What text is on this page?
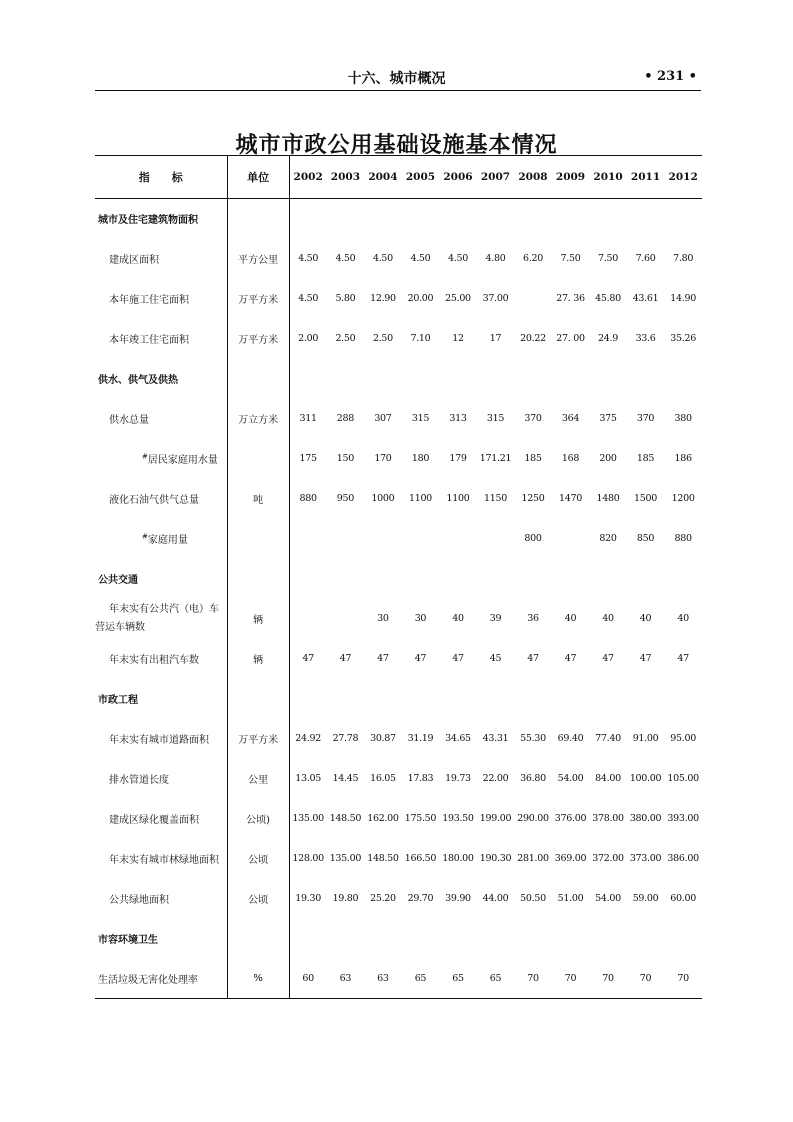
十六、城市概况	• 231 •
城市市政公用基础设施基本情况
指　　标	单位	2002	2003	2004	2005	2006	2007	2008	2009	2010	2011	2012
城市及住宅建筑物面积												
建成区面积	平方公里	4.50	4.50	4.50	4.50	4.50	4.80	6.20	7.50	7.50	7.60	7.80
本年施工住宅面积	万平方米	4.50	5.80	12.90	20.00	25.00	37.00		27. 36	45.80	43.61	14.90
本年竣工住宅面积	万平方米	2.00	2.50	2.50	7.10	12	17	20.22	27. 00	24.9	33.6	35.26
供水、供气及供热												
供水总量	万立方米	311	288	307	315	313	315	370	364	375	370	380
#居民家庭用水量		175	150	170	180	179	171.21	185	168	200	185	186
液化石油气供气总量	吨	880	950	1000	1100	1100	1150	1250	1470	1480	1500	1200
#家庭用量								800		820	850	880
公共交通												
年末实有公共汽（电）车
营运车辆数	辆			30	30	40	39	36	40	40	40	40
年末实有出租汽车数	辆	47	47	47	47	47	45	47	47	47	47	47
市政工程												
年末实有城市道路面积	万平方米	24.92	27.78	30.87	31.19	34.65	43.31	55.30	69.40	77.40	91.00	95.00
排水管道长度	公里	13.05	14.45	16.05	17.83	19.73	22.00	36.80	54.00	84.00	100.00	105.00
建成区绿化覆盖面积	公顷)	135.00	148.50	162.00	175.50	193.50	199.00	290.00	376.00	378.00	380.00	393.00
年末实有城市林绿地面积	公顷	128.00	135.00	148.50	166.50	180.00	190.30	281.00	369.00	372.00	373.00	386.00
公共绿地面积	公顷	19.30	19.80	25.20	29.70	39.90	44.00	50.50	51.00	54.00	59.00	60.00
市容环境卫生												
生活垃圾无害化处理率	%	60	63	63	65	65	65	70	70	70	70	70
